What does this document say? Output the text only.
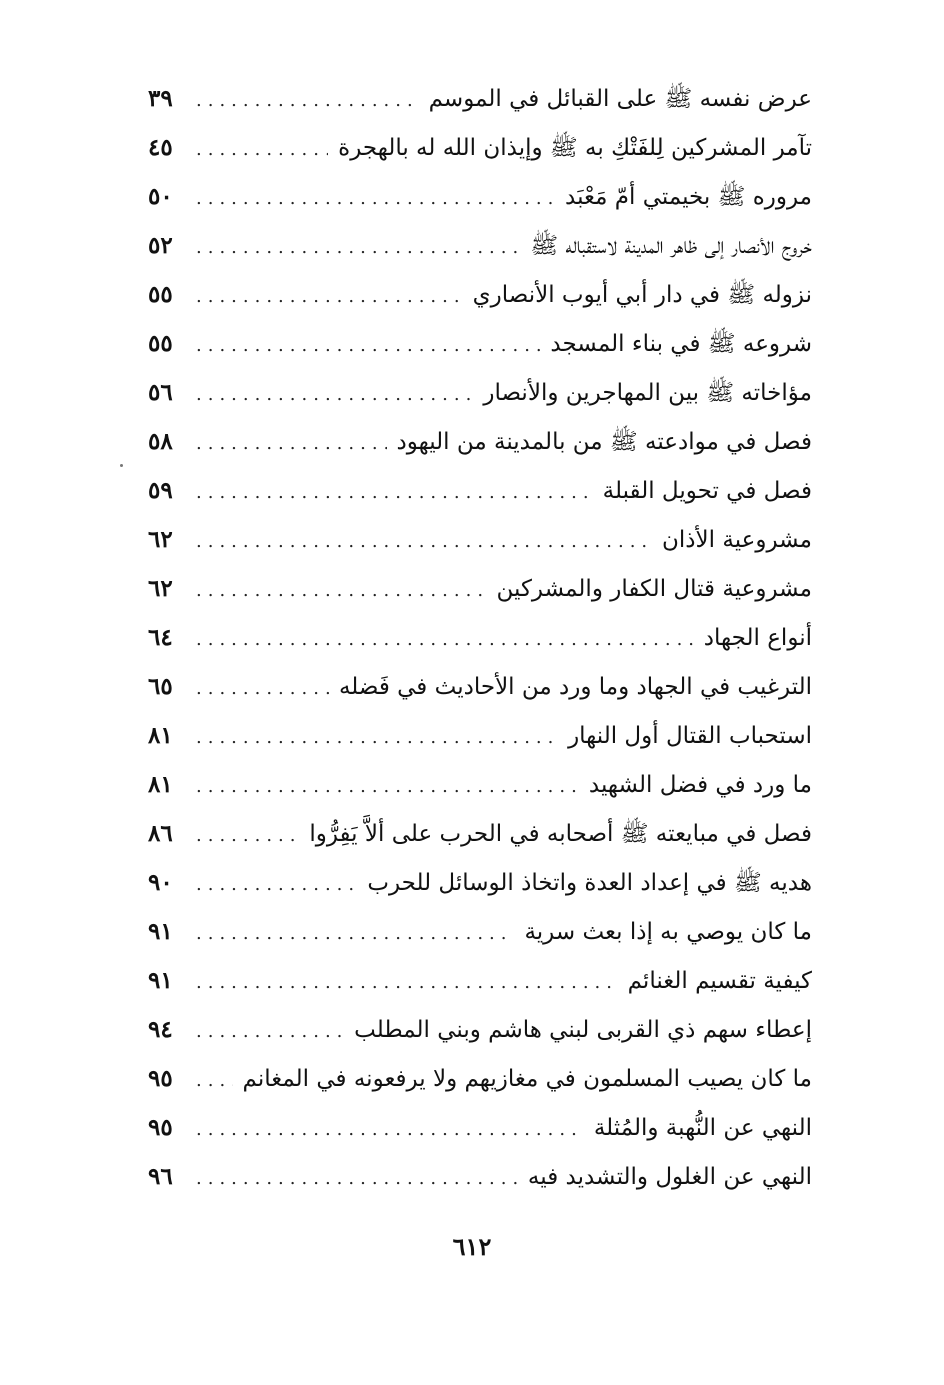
عرض نفسه ﷺ على القبائل في الموسم
.....
٣٩
تآمر المشركين لِلفَتْكِ به ﷺ وإيذان الله له بالهجرة
.....
٤٥
مروره ﷺ بخيمتي أمّ مَعْبَد
.....
٥٠
خروج الأنصار إلى ظاهر المدينة لاستقباله ﷺ
.....
٥٢
نزوله ﷺ في دار أبي أيوب الأنصاري
.....
٥٥
شروعه ﷺ في بناء المسجد
.....
٥٥
مؤاخاته ﷺ بين المهاجرين والأنصار
.....
٥٦
فصل في موادعته ﷺ من بالمدينة من اليهود
.....
٥٨
فصل في تحويل القبلة
.....
٥٩
مشروعية الأذان
.....
٦٢
مشروعية قتال الكفار والمشركين
.....
٦٢
أنواع الجهاد
.....
٦٤
الترغيب في الجهاد وما ورد من الأحاديث في فَضله
.....
٦٥
استحباب القتال أول النهار
.....
٨١
ما ورد في فضل الشهيد
.....
٨١
فصل في مبايعته ﷺ أصحابه في الحرب على ألاَّ يَفِرُّوا
.....
٨٦
هديه ﷺ في إعداد العدة واتخاذ الوسائل للحرب
.....
٩٠
ما كان يوصي به إذا بعث سرية
.....
٩١
كيفية تقسيم الغنائم
.....
٩١
إعطاء سهم ذي القربى لبني هاشم وبني المطلب
.....
٩٤
ما كان يصيب المسلمون في مغازيهم ولا يرفعونه في المغانم
.....
٩٥
النهي عن النُّهبة والمُثلة
.....
٩٥
النهي عن الغلول والتشديد فيه
.....
٩٦
٦١٢
